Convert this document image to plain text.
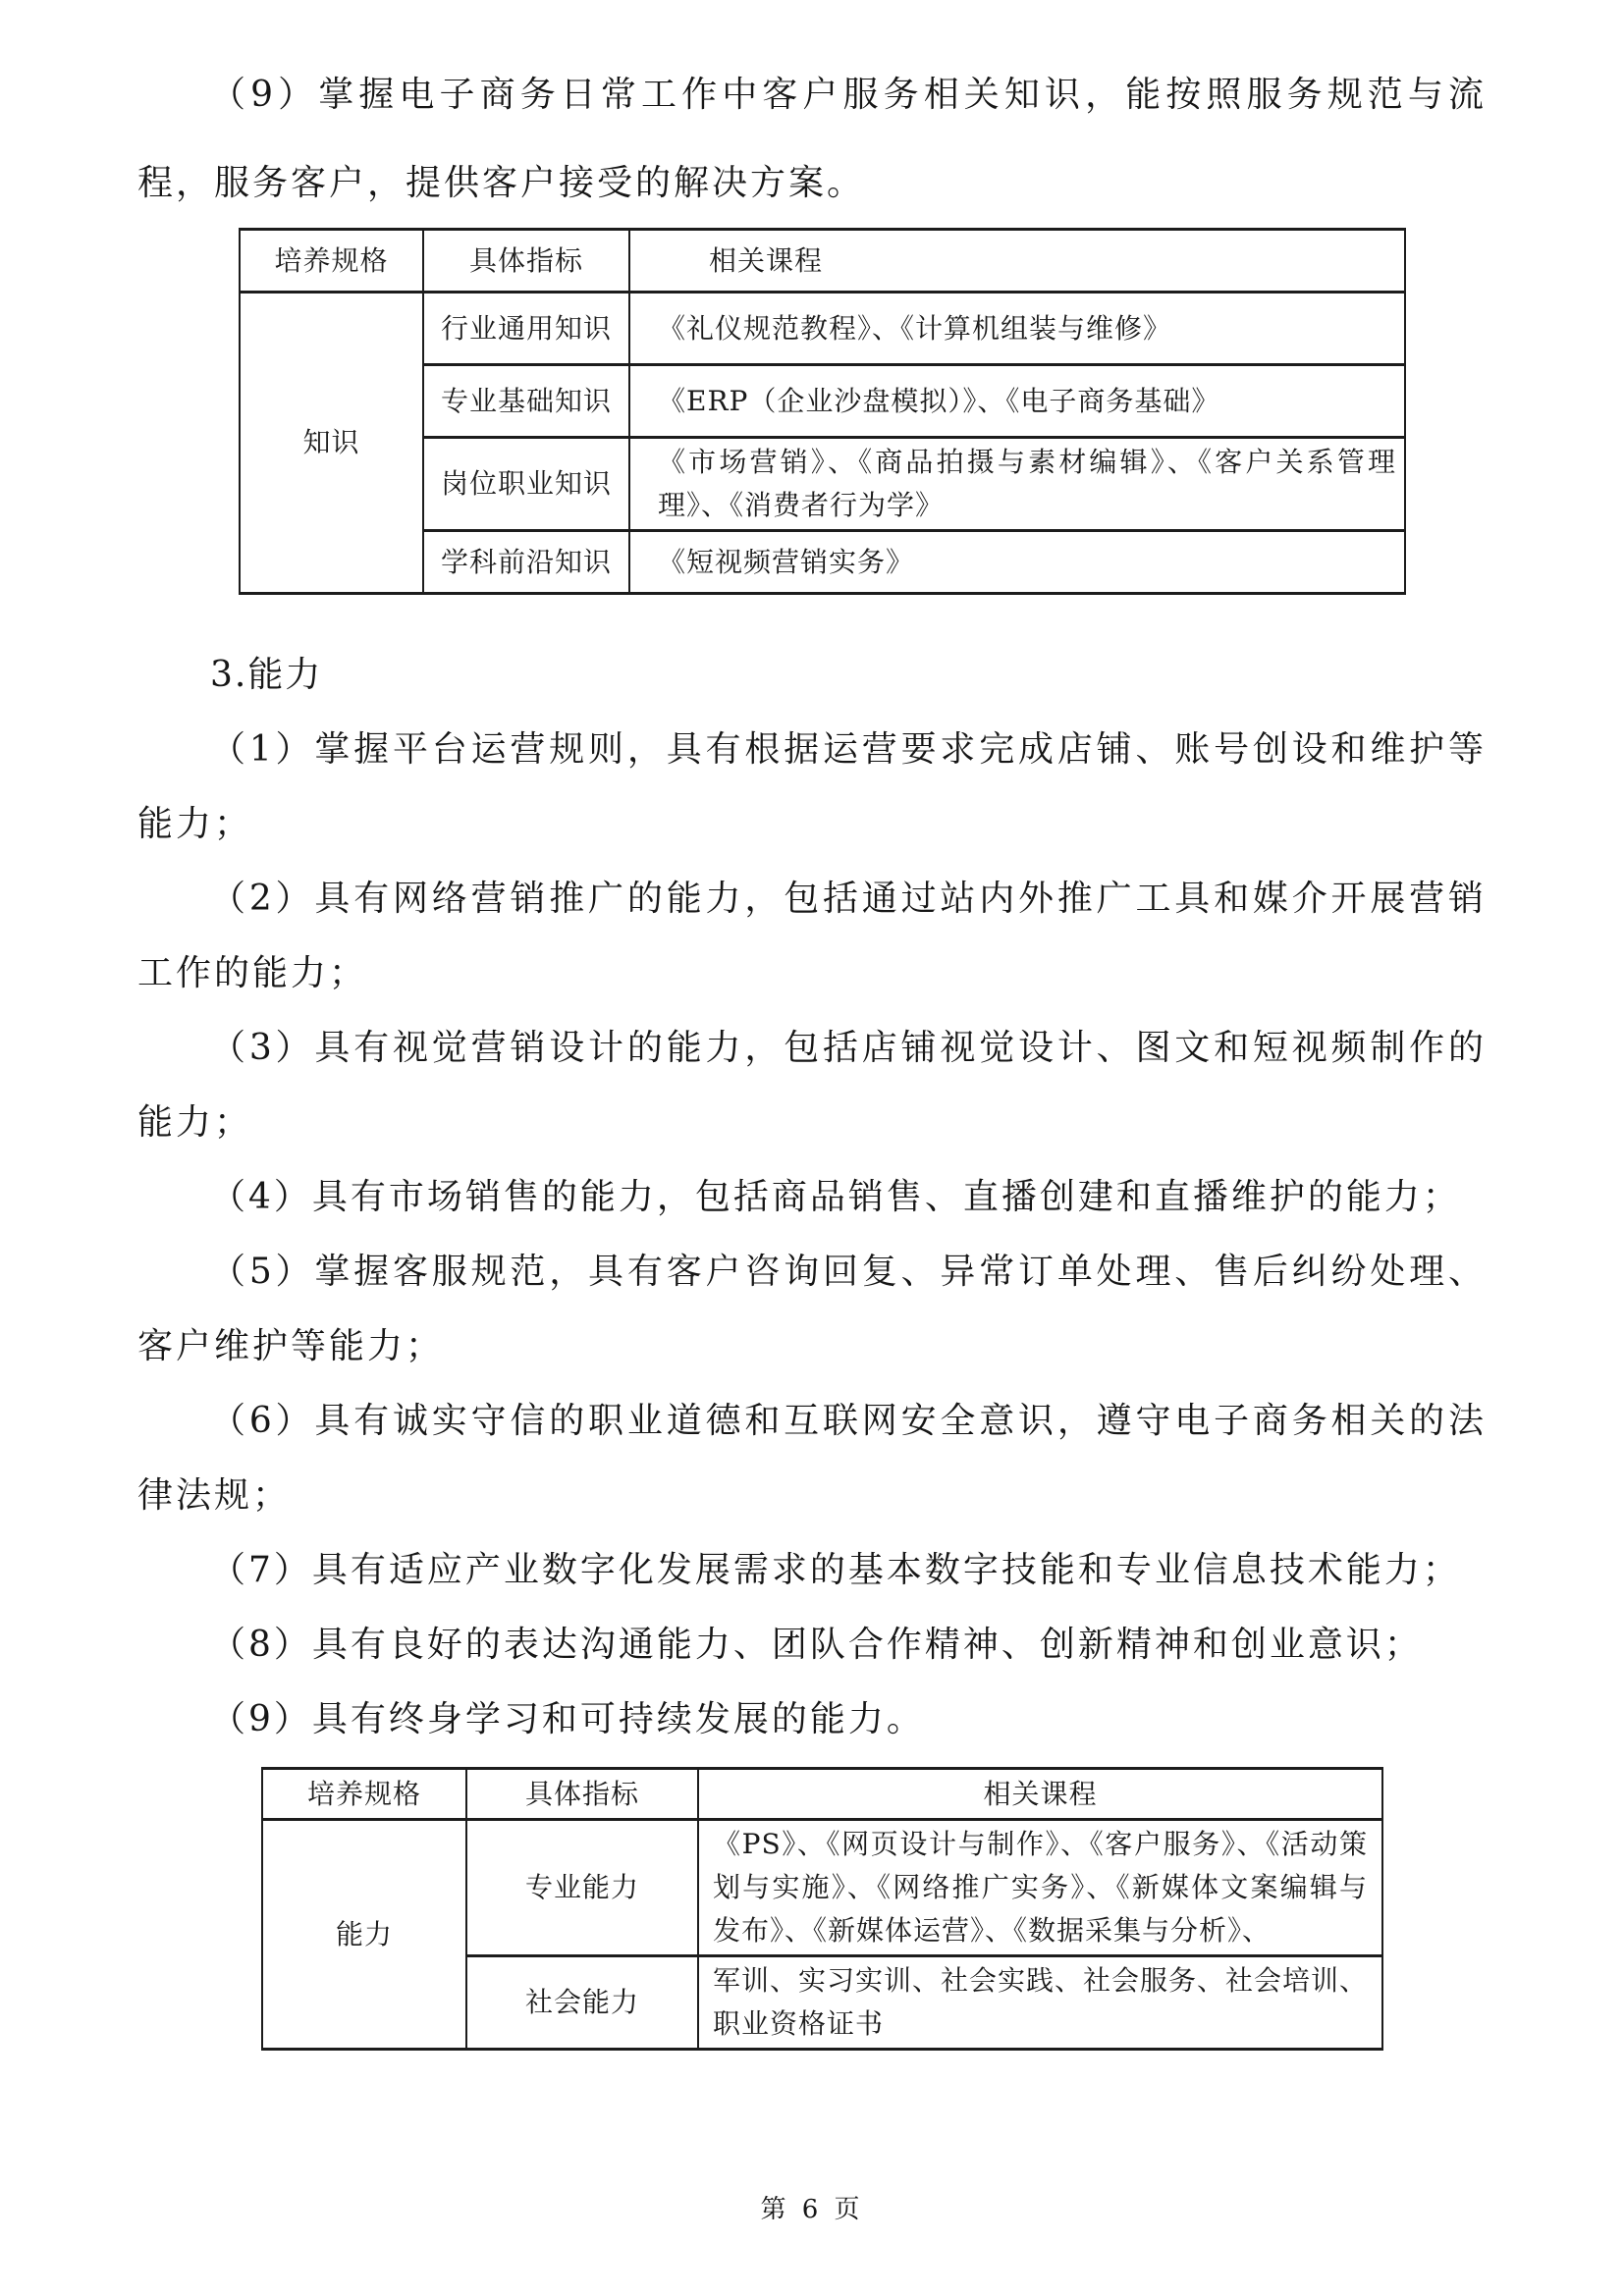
（9）掌握电子商务日常工作中客户服务相关知识，能按照服务规范与流程，服务客户，提供客户接受的解决方案。

培养规格	具体指标	相关课程
知识	行业通用知识	《礼仪规范教程》、《计算机组装与维修》
	专业基础知识	《ERP（企业沙盘模拟）》、《电子商务基础》
	岗位职业知识	《市场营销》、《商品拍摄与素材编辑》、《客户关系管理理》、《消费者行为学》
	学科前沿知识	《短视频营销实务》

3.能力

（1）掌握平台运营规则，具有根据运营要求完成店铺、账号创设和维护等能力；

（2）具有网络营销推广的能力，包括通过站内外推广工具和媒介开展营销工作的能力；

（3）具有视觉营销设计的能力，包括店铺视觉设计、图文和短视频制作的能力；

（4）具有市场销售的能力，包括商品销售、直播创建和直播维护的能力；

（5）掌握客服规范，具有客户咨询回复、异常订单处理、售后纠纷处理、客户维护等能力；

（6）具有诚实守信的职业道德和互联网安全意识，遵守电子商务相关的法律法规；

（7）具有适应产业数字化发展需求的基本数字技能和专业信息技术能力；

（8）具有良好的表达沟通能力、团队合作精神、创新精神和创业意识；

（9）具有终身学习和可持续发展的能力。

培养规格	具体指标	相关课程
能力	专业能力	《PS》、《网页设计与制作》、《客户服务》、《活动策划与实施》、《网络推广实务》、《新媒体文案编辑与发布》、《新媒体运营》、《数据采集与分析》、
	社会能力	军训、实习实训、社会实践、社会服务、社会培训、职业资格证书
第 6 页
